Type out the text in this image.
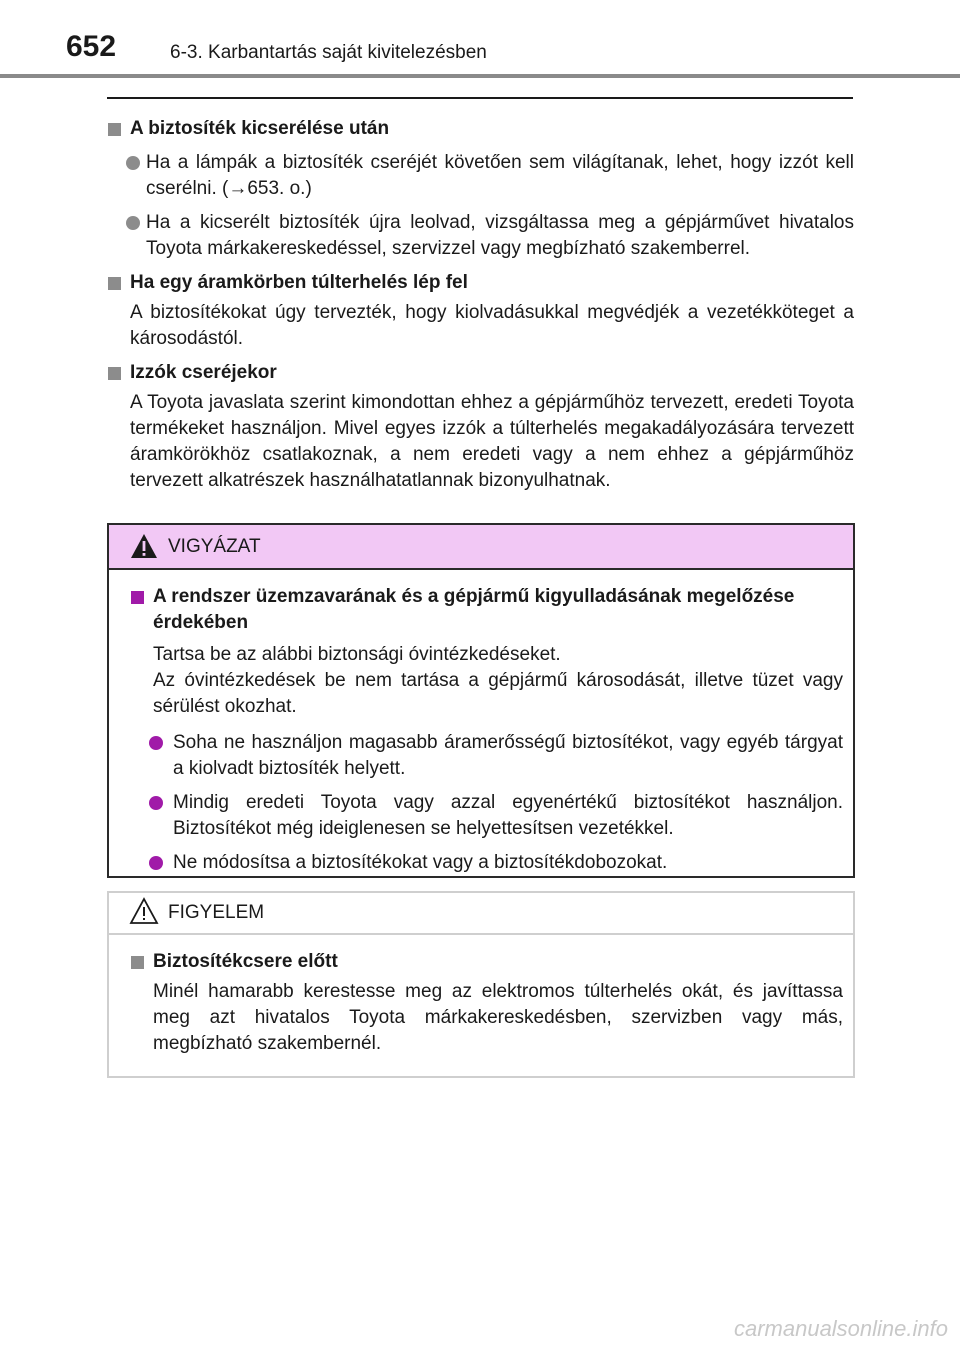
652	6-3. Karbantartás saját kivitelezésben
A biztosíték kicserélése után
Ha a lámpák a biztosíték cseréjét követően sem világítanak, lehet, hogy izzót kell cserélni. (→653. o.)
Ha a kicserélt biztosíték újra leolvad, vizsgáltassa meg a gépjárművet hivatalos Toyota márkakereskedéssel, szervizzel vagy megbízható szakemberrel.
Ha egy áramkörben túlterhelés lép fel
A biztosítékokat úgy tervezték, hogy kiolvadásukkal megvédjék a vezetékköteget a károsodástól.
Izzók cseréjekor
A Toyota javaslata szerint kimondottan ehhez a gépjárműhöz tervezett, eredeti Toyota termékeket használjon. Mivel egyes izzók a túlterhelés megakadályozására tervezett áramkörökhöz csatlakoznak, a nem eredeti vagy a nem ehhez a gépjárműhöz tervezett alkatrészek használhatatlannak bizonyulhatnak.
VIGYÁZAT
A rendszer üzemzavarának és a gépjármű kigyulladásának megelőzése érdekében
Tartsa be az alábbi biztonsági óvintézkedéseket.
Az óvintézkedések be nem tartása a gépjármű károsodását, illetve tüzet vagy sérülést okozhat.
Soha ne használjon magasabb áramerősségű biztosítékot, vagy egyéb tárgyat a kiolvadt biztosíték helyett.
Mindig eredeti Toyota vagy azzal egyenértékű biztosítékot használjon. Biztosítékot még ideiglenesen se helyettesítsen vezetékkel.
Ne módosítsa a biztosítékokat vagy a biztosítékdobozokat.
FIGYELEM
Biztosítékcsere előtt
Minél hamarabb kerestesse meg az elektromos túlterhelés okát, és javíttassa meg azt hivatalos Toyota márkakereskedésben, szervizben vagy más, megbízható szakembernél.
carmanualsonline.info
